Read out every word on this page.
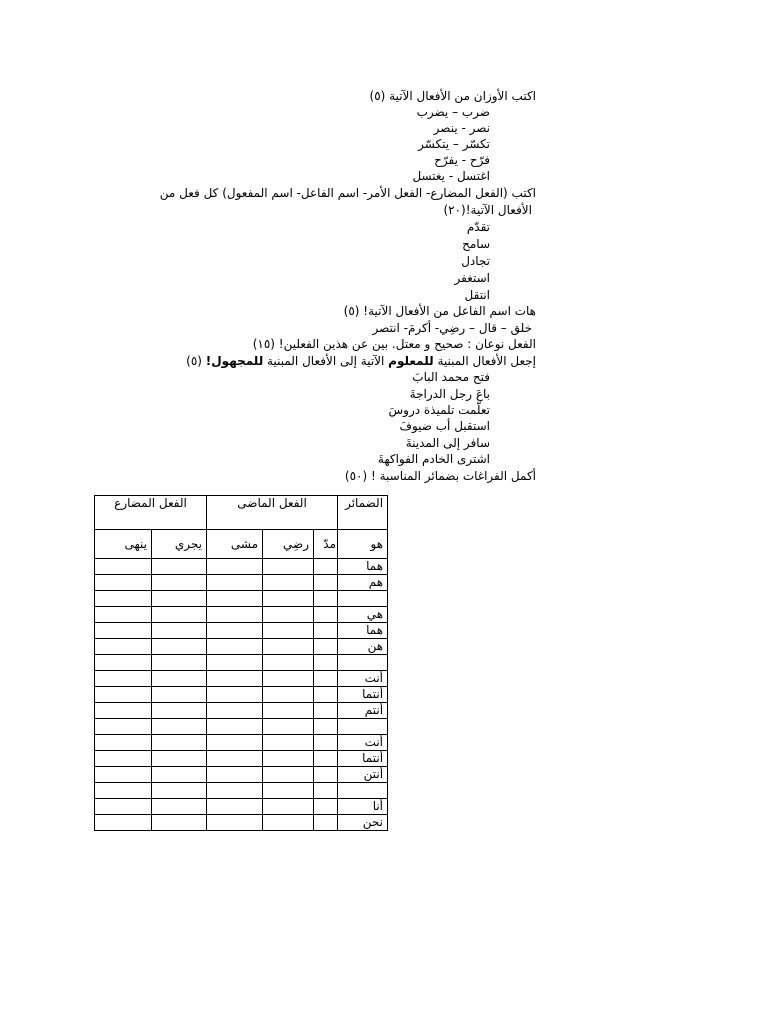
اكتب الأوزان من الأفعال الآتية (٥)
ضرب – يضرب
نصر - ينصر
تكسّر – يتكسّر
فرّح - يفرّح
اغتسل - يغتسل
اكتب (الفعل المضارع- الفعل الأمر- اسم الفاعل- اسم المفعول) كل فعل من
الأفعال الآتية!(٢٠)
تقدّم
سامح
تجادل
استغفر
انتقل
هات اسم الفاعل من الأفعال الآتية! (٥)
خلق – قال – رضِي- أكرمَ- انتصر
الفعل نوعان : صحيح و معتل. بين عن هذين الفعلين! (١٥)
إجعل الأفعال المبنية للمعلوم الآتية إلى الأفعال المبنية للمجهول! (٥)
فتح محمد البابَ
باعَ رجل الدراجةَ
تعلّمت تلميذة دروسَ
استقبل أب ضيوفَ
سافر إلى المدينةَ
اشترى الخادم الفواكهةَ
أكمل الفراغات بضمائر المناسبة ! (٥٠)
الضمائر	الفعل الماضى			الفعل المضارع	
هو	مدّ	رضِي	مشى	يجري	ينهى
هما					
هم					

هي					
هما					
هن					

أنت					
أنتما					
أنتم					

أنت					
أنتما					
أنتن					

أنا					
نحن					
